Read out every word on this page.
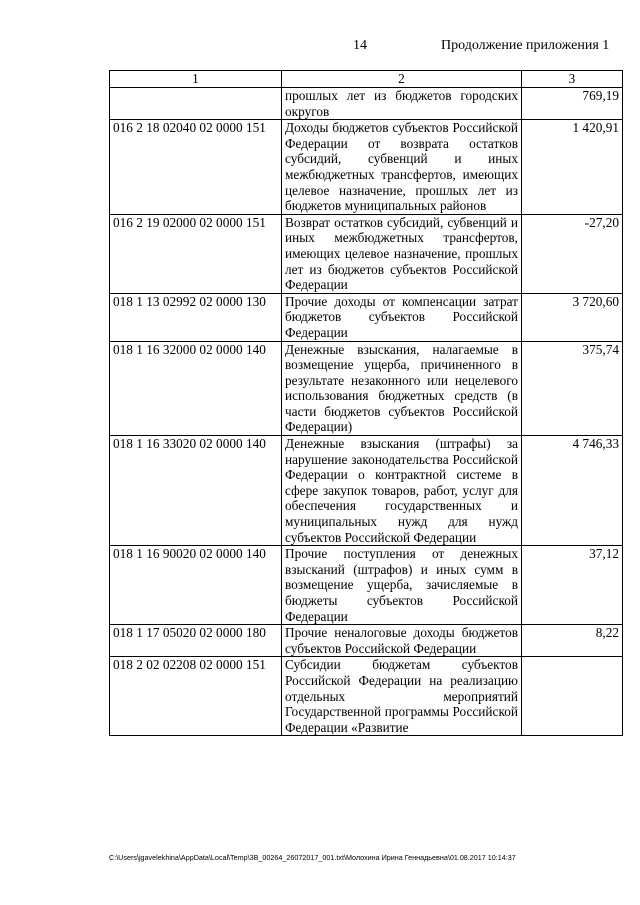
14	Продолжение приложения 1
1	2	3
	прошлых лет из бюджетов городских округов	769,19
016 2 18 02040 02 0000 151	Доходы бюджетов субъектов Российской Федерации от возврата остатков субсидий, субвенций и иных межбюджетных трансфертов, имеющих целевое назначение, прошлых лет из бюджетов муниципальных районов	1 420,91
016 2 19 02000 02 0000 151	Возврат остатков субсидий, субвенций и иных межбюджетных трансфертов, имеющих целевое назначение, прошлых лет из бюджетов субъектов Российской Федерации	-27,20
018 1 13 02992 02 0000 130	Прочие доходы от компенсации затрат бюджетов субъектов Российской Федерации	3 720,60
018 1 16 32000 02 0000 140	Денежные взыскания, налагаемые в возмещение ущерба, причиненного в результате незаконного или нецелевого использования бюджетных средств (в части бюджетов субъектов Российской Федерации)	375,74
018 1 16 33020 02 0000 140	Денежные взыскания (штрафы) за нарушение законодательства Российской Федерации о контрактной системе в сфере закупок товаров, работ, услуг для обеспечения государственных и муниципальных нужд для нужд субъектов Российской Федерации	4 746,33
018 1 16 90020 02 0000 140	Прочие поступления от денежных взысканий (штрафов) и иных сумм в возмещение ущерба, зачисляемые в бюджеты субъектов Российской Федерации	37,12
018 1 17 05020 02 0000 180	Прочие неналоговые доходы бюджетов субъектов Российской Федерации	8,22
018 2 02 02208 02 0000 151	Субсидии бюджетам субъектов Российской Федерации на реализацию отдельных мероприятий Государственной программы Российской Федерации «Развитие	
C:\Users\jgavelekhina\AppData\Local\Temp\3B_00264_26072017_001.txt\Молохина Ирина Геннадьевна\01.08.2017 10:14:37
